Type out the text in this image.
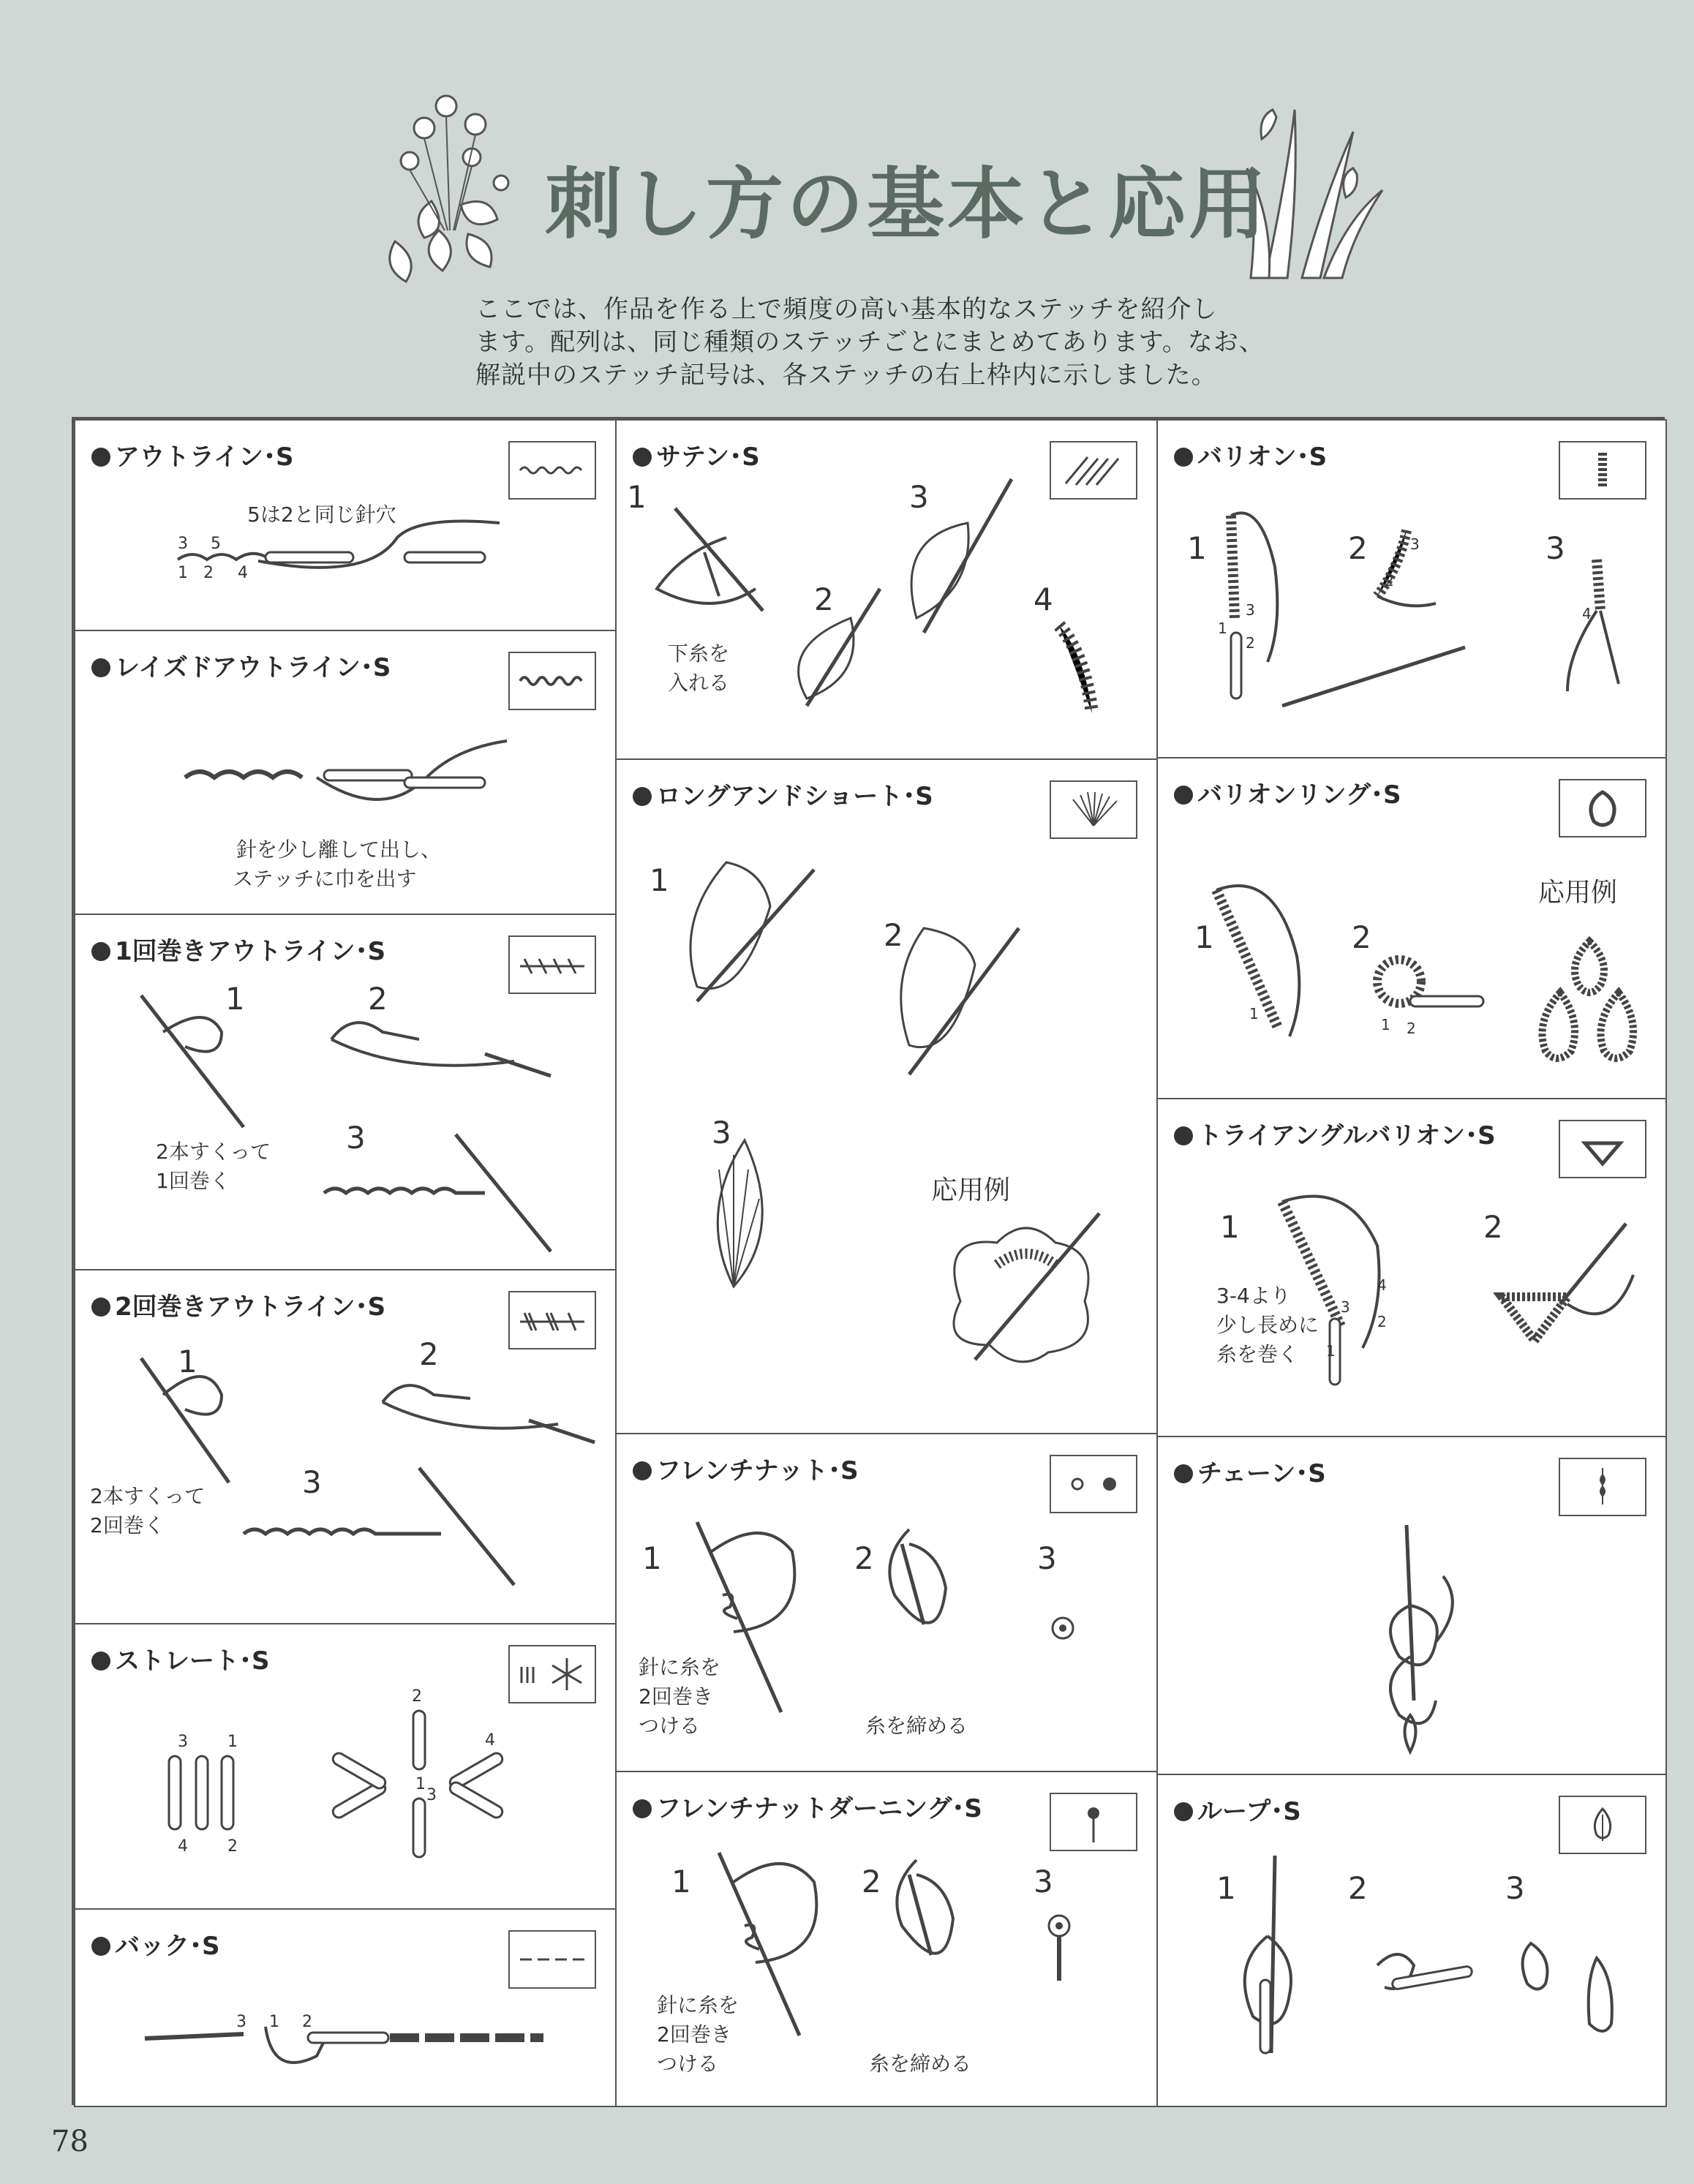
刺し方の基本と応用
ここでは、作品を作る上で頻度の高い基本的なステッチを紹介し
ます。配列は、同じ種類のステッチごとにまとめてあります。なお、
解説中のステッチ記号は、各ステッチの右上枠内に示しました。
アウトライン･S
5は2と同じ針穴
3 5
1 2 4
レイズドアウトライン･S
針を少し離して出し、
ステッチに巾を出す
1回巻きアウトライン･S
1	2
3
2本すくって
1回巻く
2回巻きアウトライン･S
1	2
3
2本すくって
2回巻く
ストレート･S
3 1
4 2
2
4
1
3
バック･S
3 1 2
サテン･S
1
2
3
4
下糸を
入れる
ロングアンドショート･S
1
2
3
応用例
フレンチナット･S
1	2	3
針に糸を
2回巻き
つける	糸を締める
フレンチナットダーニング･S
1	2	3
針に糸を
2回巻き
つける	糸を締める
バリオン･S
1	2	3
3
1
2
3
2
4
バリオンリング･S
1	2
応用例
1
1 2
トライアングルバリオン･S
1	2
3-4より
少し長めに
糸を巻く
4
3
2
1
チェーン･S
ループ･S
1	2	3
78
